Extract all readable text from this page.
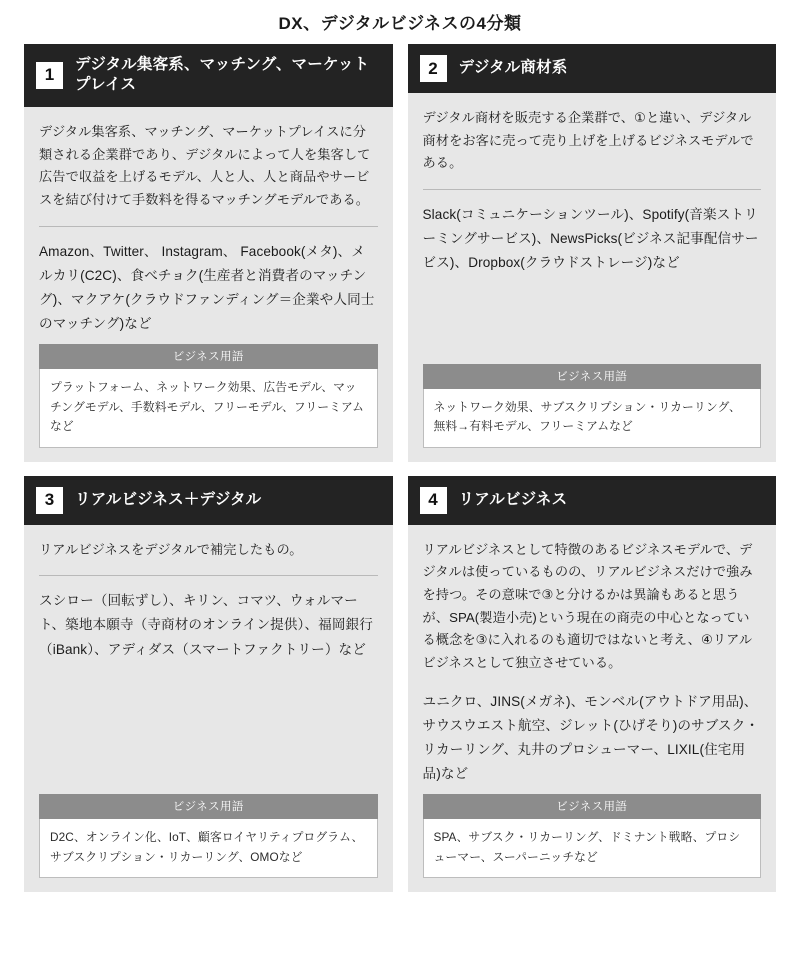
DX、デジタルビジネスの4分類
1
デジタル集客系、マッチング、マーケットプレイス

デジタル集客系、マッチング、マーケットプレイスに分類される企業群であり、デジタルによって人を集客して広告で収益を上げるモデル、人と人、人と商品やサービスを結び付けて手数料を得るマッチングモデルである。

Amazon、Twitter、 Instagram、 Facebook(メタ)、メルカリ(C2C)、食べチョク(生産者と消費者のマッチング)、マクアケ(クラウドファンディング＝企業や人同士のマッチング)など

ビジネス用語
プラットフォーム、ネットワーク効果、広告モデル、マッチングモデル、手数料モデル、フリーモデル、フリーミアムなど
2	デジタル商材系

デジタル商材を販売する企業群で、①と違い、デジタル商材をお客に売って売り上げを上げるビジネスモデルである。

Slack(コミュニケーションツール)、Spotify(音楽ストリーミングサービス)、NewsPicks(ビジネス記事配信サービス)、Dropbox(クラウドストレージ)など

ビジネス用語
ネットワーク効果、サブスクリプション・リカーリング、無料→有料モデル、フリーミアムなど
3	リアルビジネス＋デジタル

リアルビジネスをデジタルで補完したもの。

スシロー（回転ずし）、キリン、コマツ、ウォルマート、築地本願寺（寺商材のオンライン提供）、福岡銀行（iBank）、アディダス（スマートファクトリー）など

ビジネス用語
D2C、オンライン化、IoT、顧客ロイヤリティプログラム、サブスクリプション・リカーリング、OMOなど
4	リアルビジネス

リアルビジネスとして特徴のあるビジネスモデルで、デジタルは使っているものの、リアルビジネスだけで強みを持つ。その意味で③と分けるかは異論もあると思うが、SPA(製造小売)という現在の商売の中心となっている概念を③に入れるのも適切ではないと考え、④リアルビジネスとして独立させている。

ユニクロ、JINS(メガネ)、モンベル(アウトドア用品)、サウスウエスト航空、ジレット(ひげそり)のサブスク・リカーリング、丸井のプロシューマー、LIXIL(住宅用品)など

ビジネス用語
SPA、サブスク・リカーリング、ドミナント戦略、プロシューマー、スーパーニッチなど
